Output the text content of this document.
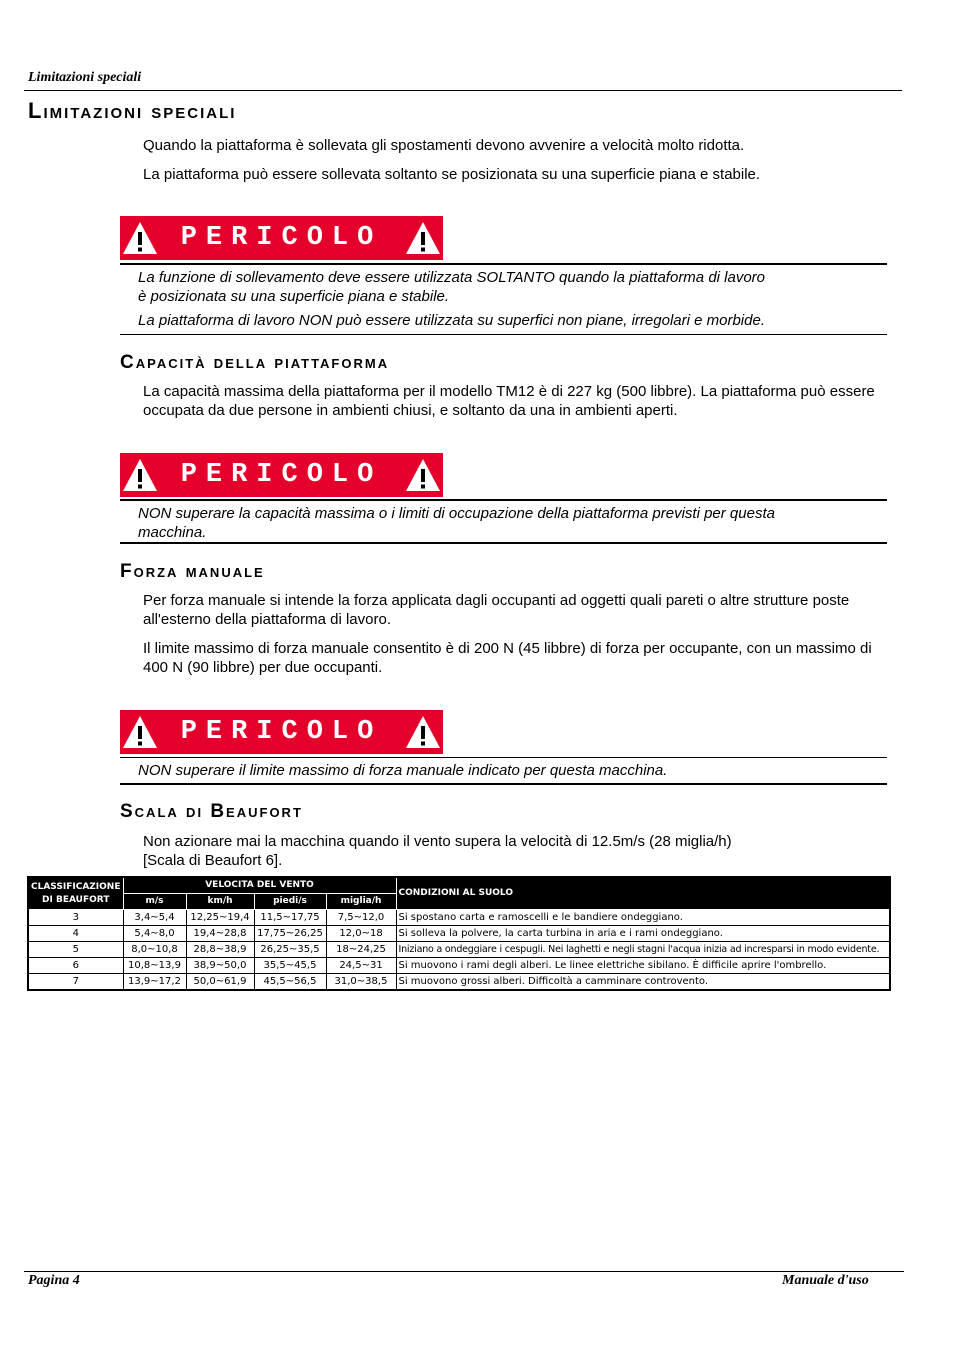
Limitazioni speciali
Limitazioni speciali
Quando la piattaforma è sollevata gli spostamenti devono avvenire a velocità molto ridotta.
La piattaforma può essere sollevata soltanto se posizionata su una superficie piana e stabile.
PERICOLO
La funzione di sollevamento deve essere utilizzata SOLTANTO quando la piattaforma di lavoro
è posizionata su una superficie piana e stabile.
La piattaforma di lavoro NON può essere utilizzata su superfici non piane, irregolari e morbide.
Capacità della piattaforma
La capacità massima della piattaforma per il modello TM12 è di 227 kg (500 libbre). La piattaforma può essere occupata da due persone in ambienti chiusi, e soltanto da una in ambienti aperti.
PERICOLO
NON superare la capacità massima o i limiti di occupazione della piattaforma previsti per questa macchina.
Forza manuale
Per forza manuale si intende la forza applicata dagli occupanti ad oggetti quali pareti o altre strutture poste all'esterno della piattaforma di lavoro.
Il limite massimo di forza manuale consentito è di 200 N (45 libbre) di forza per occupante, con un massimo di 400 N (90 libbre) per due occupanti.
PERICOLO
NON superare il limite massimo di forza manuale indicato per questa macchina.
Scala di Beaufort
Non azionare mai la macchina quando il vento supera la velocità di 12.5m/s (28 miglia/h)
[Scala di Beaufort 6].
CLASSIFICAZIONE DI BEAUFORT	VELOCITA DEL VENTO				CONDIZIONI AL SUOLO
	m/s	km/h	piedi/s	miglia/h	
3	3,4~5,4	12,25~19,4	11,5~17,75	7,5~12,0	Si spostano carta e ramoscelli e le bandiere ondeggiano.
4	5,4~8,0	19,4~28,8	17,75~26,25	12,0~18	Si solleva la polvere, la carta turbina in aria e i rami ondeggiano.
5	8,0~10,8	28,8~38,9	26,25~35,5	18~24,25	Iniziano a ondeggiare i cespugli. Nei laghetti e negli stagni l'acqua inizia ad incresparsi in modo evidente.
6	10,8~13,9	38,9~50,0	35,5~45,5	24,5~31	Si muovono i rami degli alberi. Le linee elettriche sibilano. È difficile aprire l'ombrello.
7	13,9~17,2	50,0~61,9	45,5~56,5	31,0~38,5	Si muovono grossi alberi. Difficoltà a camminare controvento.
Pagina 4	Manuale d'uso
